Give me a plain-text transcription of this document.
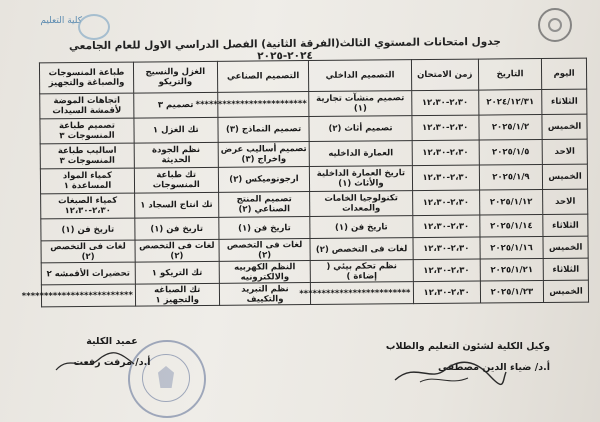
كلية التعليم
جدول امتحانات المستوي الثالث(الفرقة الثانية) الفصل الدراسي الاول للعام الجامعي ٢٠٢٤-٢٠٢٥
اليوم	التاريخ	زمن الامتحان	التصميم الداخلي	التصميم الصناعي	الغزل والنسيج والتريكو	طباعة المنسوجات والصباغة والتجهيز
الثلاثاء	٢٠٢٤/١٢/٣١	٢،٣٠-١٢،٣٠	تصميم منشآت تجارية (١)	*************************	تصميم ٣	اتجاهات الموضة لأقمشة السيدات
الخميس	٢٠٢٥/١/٢	٢،٣٠-١٢،٣٠	تصميم أثاث (٢)	تصميم النماذج (٣)	تك الغزل ١	تصميم طباعة المنسوجات ٣
الاحد	٢٠٢٥/١/٥	٢،٣٠-١٢،٣٠	العمارة الداخليه	تصميم أساليب عرض واخراج (٣)	نظم الجودة الحديثة	اساليب طباعة المنسوجات ٣
الخميس	٢٠٢٥/١/٩	٢،٣٠-١٢،٣٠	تاريخ العمارة الداخلية والأثاث (١)	ارجونوميكس (٢)	تك طباعة المنسوجات	كمياء المواد المساعدة ١
الاحد	٢٠٢٥/١/١٢	٢،٣٠-١٢،٣٠	تكنولوجيا الخامات والمعدات	تصميم المنتج الصناعي (٢)	تك انتاج السجاد ١	كمياء الصبغات ٢،٣٠-١٢،٣٠
الثلاثاء	٢٠٢٥/١/١٤	٢،٣٠-١٢،٣٠	تاريخ فن (١)	تاريخ فن (١)	تاريخ فن (١)	تاريخ فن (١)
الخميس	٢٠٢٥/١/١٦	٢،٣٠-١٢،٣٠	لغات فى التخصص (٢)	لغات فى التخصص (٢)	لغات فى التخصص (٢)	لغات فى التخصص (٢)
الثلاثاء	٢٠٢٥/١/٢١	٢،٣٠-١٢،٣٠	نظم تحكم بيئي ( إضاءة )	النظم الكهربيه والالكترونيه	تك التريكو ١	تحضيرات الأقمشه ٢
الخميس	٢٠٢٥/١/٢٣	٢،٣٠-١٢،٣٠	*************************	نظم التبريد والتكييف	تك الصباغه والتجهيز ١	*************************
عميد الكلية
أ.د/ مرفت رفعت
وكيل الكلية لشئون التعليم والطلاب
أ.د/ ضياء الدين مصطفى
